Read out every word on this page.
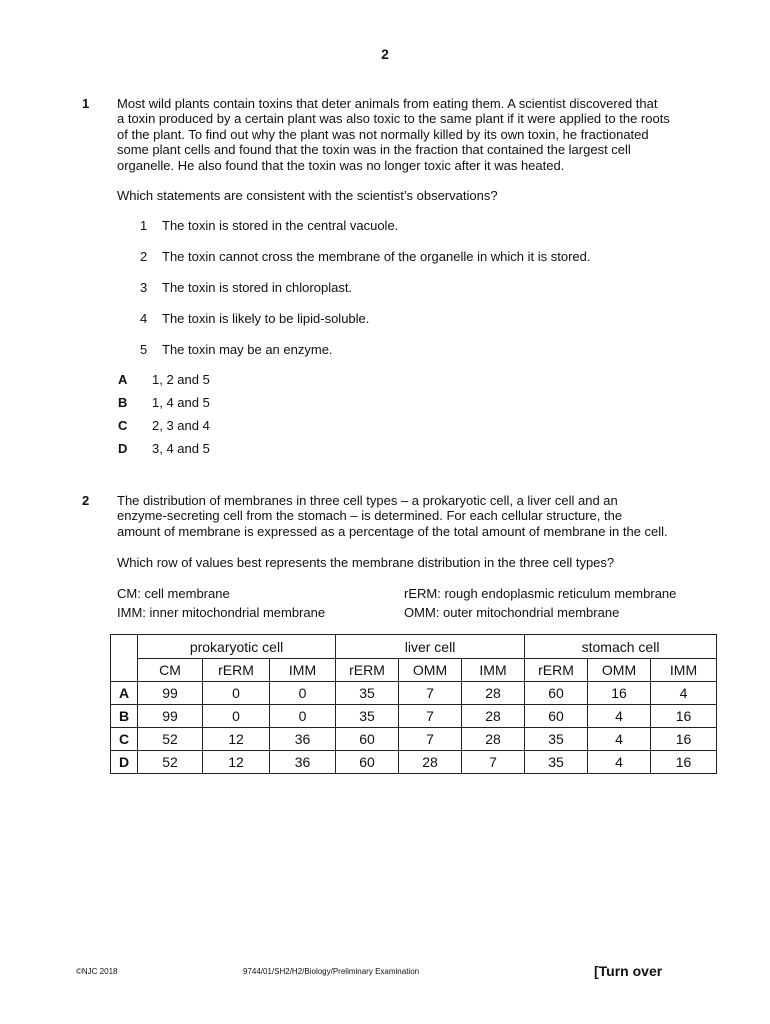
2
1 Most wild plants contain toxins that deter animals from eating them. A scientist discovered that
a toxin produced by a certain plant was also toxic to the same plant if it were applied to the roots
of the plant. To find out why the plant was not normally killed by its own toxin, he fractionated
some plant cells and found that the toxin was in the fraction that contained the largest cell
organelle. He also found that the toxin was no longer toxic after it was heated.
Which statements are consistent with the scientist’s observations?
1 The toxin is stored in the central vacuole.
2 The toxin cannot cross the membrane of the organelle in which it is stored.
3 The toxin is stored in chloroplast.
4 The toxin is likely to be lipid-soluble.
5 The toxin may be an enzyme.
A 1, 2 and 5
B 1, 4 and 5
C 2, 3 and 4
D 3, 4 and 5
2 The distribution of membranes in three cell types – a prokaryotic cell, a liver cell and an
enzyme-secreting cell from the stomach – is determined. For each cellular structure, the
amount of membrane is expressed as a percentage of the total amount of membrane in the cell.
Which row of values best represents the membrane distribution in the three cell types?
CM: cell membrane	rERM: rough endoplasmic reticulum membrane
IMM: inner mitochondrial membrane	OMM: outer mitochondrial membrane
	prokaryotic cell			liver cell			stomach cell		
	CM	rERM	IMM	rERM	OMM	IMM	rERM	OMM	IMM
A	99	0	0	35	7	28	60	16	4
B	99	0	0	35	7	28	60	4	16
C	52	12	36	60	7	28	35	4	16
D	52	12	36	60	28	7	35	4	16
©NJC 2018	9744/01/SH2/H2/Biology/Preliminary Examination	[Turn over
